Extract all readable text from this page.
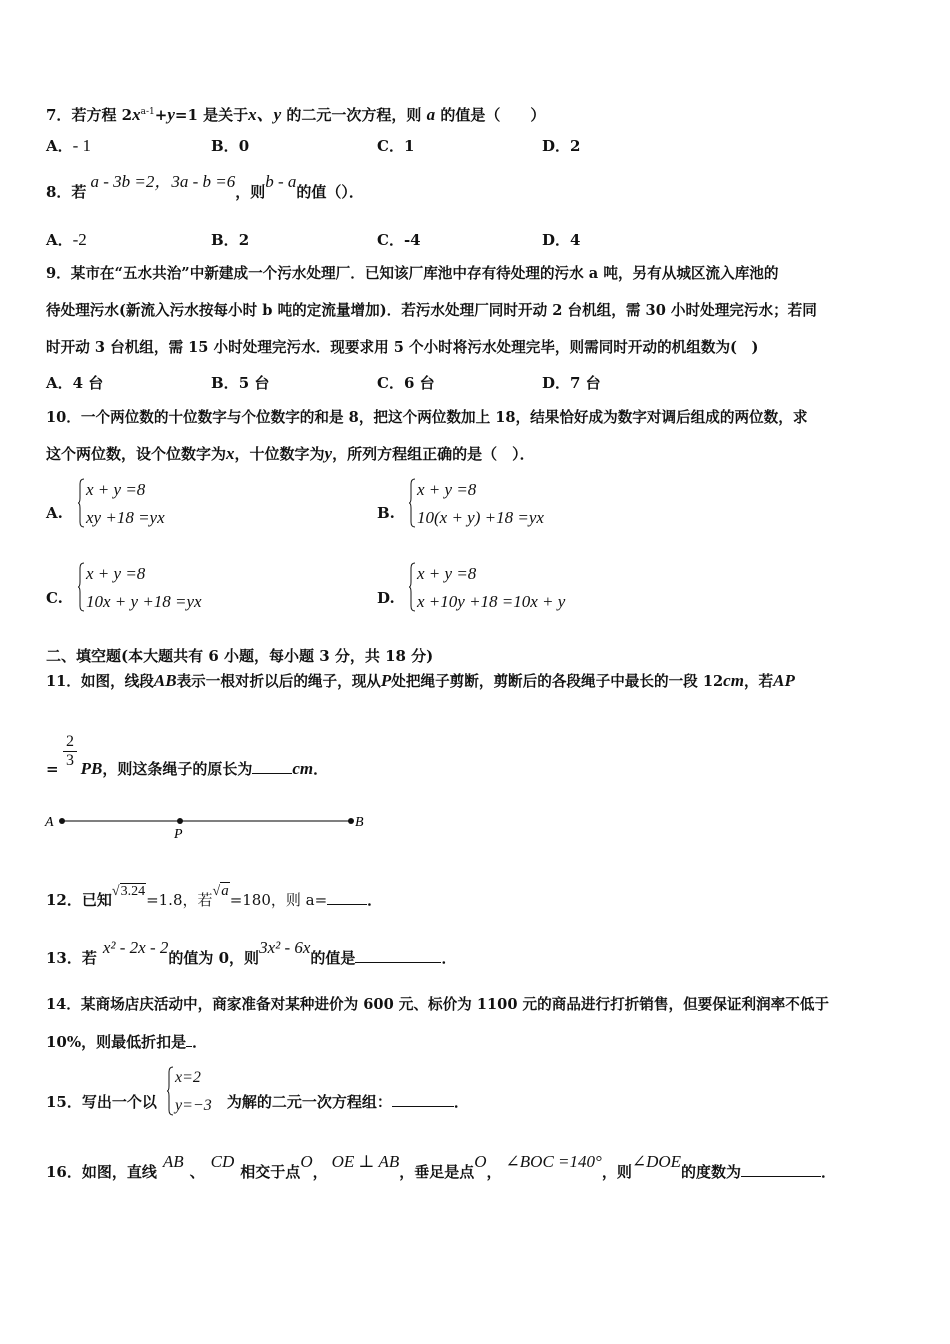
7．若方程 $2x^{a-1}+y=1$ 是关于x、y 的二元一次方程，则 a 的值是（　　）
A．- 1	B．0	C．1	D．2
8．若a - 3b =2，3a - b =6，则b - a的值（）．
A．-2	B．2	C．-4	D．4
9．某市在“五水共治”中新建成一个污水处理厂．已知该厂库池中存有待处理的污水 a 吨，另有从城区流入库池的
待处理污水(新流入污水按每小时 b 吨的定流量增加)．若污水处理厂同时开动 2 台机组，需 30 小时处理完污水；若同
时开动 3 台机组，需 15 小时处理完污水．现要求用 5 个小时将污水处理完毕，则需同时开动的机组数为(　)
A．4 台	B．5 台	C．6 台	D．7 台
10．一个两位数的十位数字与个位数字的和是 8，把这个两位数加上 18，结果恰好成为数字对调后组成的两位数，求
这个两位数，设个位数字为x，十位数字为y，所列方程组正确的是（　）．
A.
x + y =8
xy +18 =yx	B.
x + y =8
10(x + y) +18 =yx
C.
x + y =8
10x + y +18 =yx	D.
x + y =8
x +10y +18 =10x + y
二、填空题(本大题共有 6 小题，每小题 3 分，共 18 分)
11．如图，线段AB表示一根对折以后的绳子，现从P处把绳子剪断，剪断后的各段绳子中最长的一段 12cm，若AP
$\frac{2}{3}$
= PB，则这条绳子的原长为 cm．
A
P
B
12．已知√3.24=1.8，若√a=180，则 a=	．
13．若x² - 2x - 2的值为 0，则3x² - 6x的值是	．
14．某商场店庆活动中，商家准备对某种进价为 600 元、标价为 1100 元的商品进行打折销售，但要保证利润率不低于
10%，则最低折扣是 ．
15．写出一个以	为解的二元一次方程组：	．
x=2
y=−3
16．如图，直线AB、CD相交于点O，OE ⊥ AB，垂足是点O，∠BOC =140°，则∠DOE的度数为	．
